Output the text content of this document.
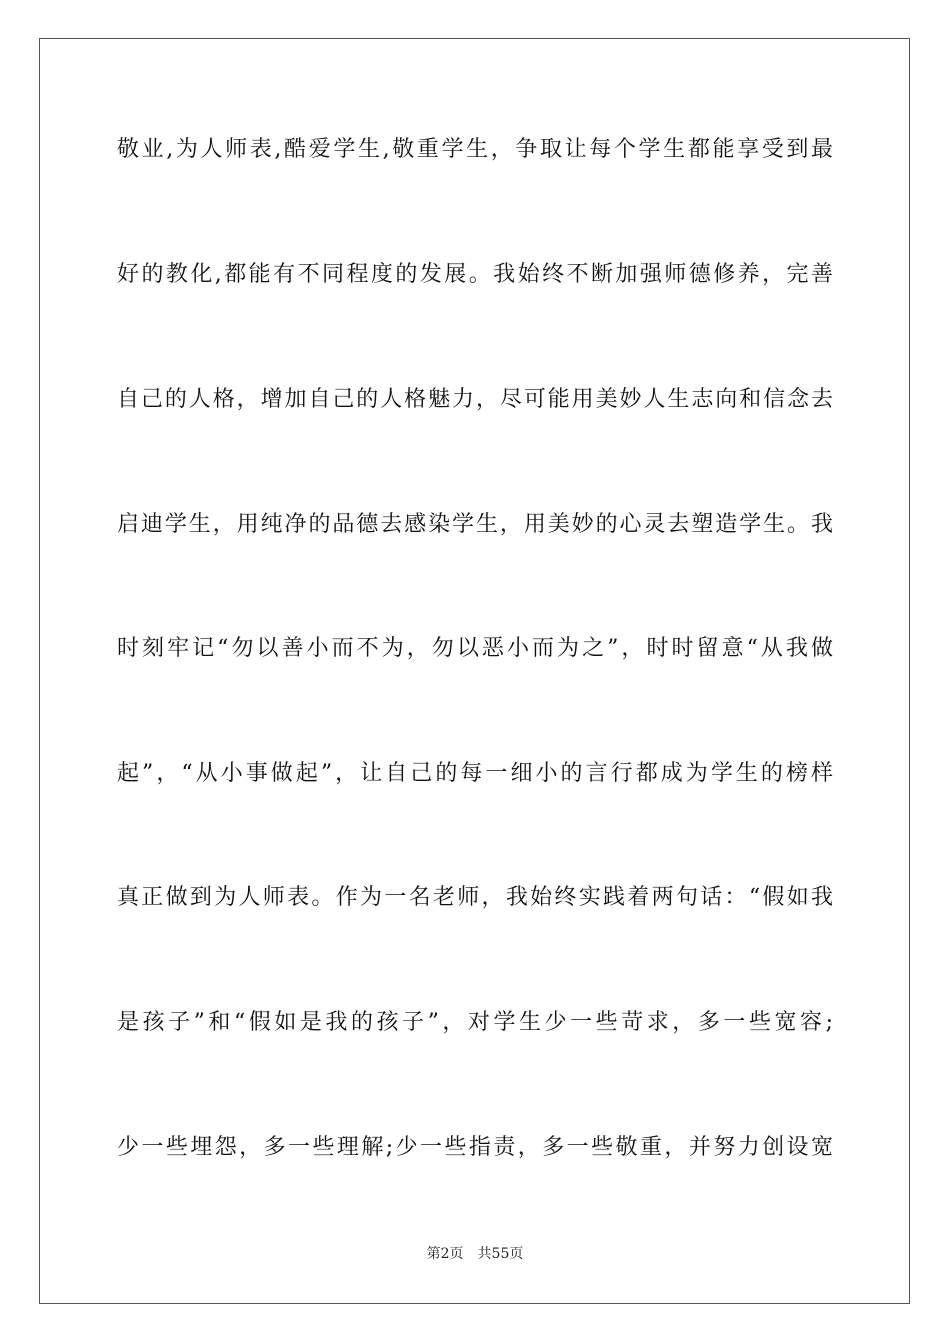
敬业,为人师表,酷爱学生,敬重学生，争取让每个学生都能享受到最
好的教化,都能有不同程度的发展。我始终不断加强师德修养，完善
自己的人格，增加自己的人格魅力，尽可能用美妙人生志向和信念去
启迪学生，用纯净的品德去感染学生，用美妙的心灵去塑造学生。我
时刻牢记“勿以善小而不为，勿以恶小而为之”，时时留意“从我做
起”，“从小事做起”，让自己的每一细小的言行都成为学生的榜样
真正做到为人师表。作为一名老师，我始终实践着两句话：“假如我
是孩子”和“假如是我的孩子”，对学生少一些苛求，多一些宽容;
少一些埋怨，多一些理解;少一些指责，多一些敬重，并努力创设宽
第2页 共55页
